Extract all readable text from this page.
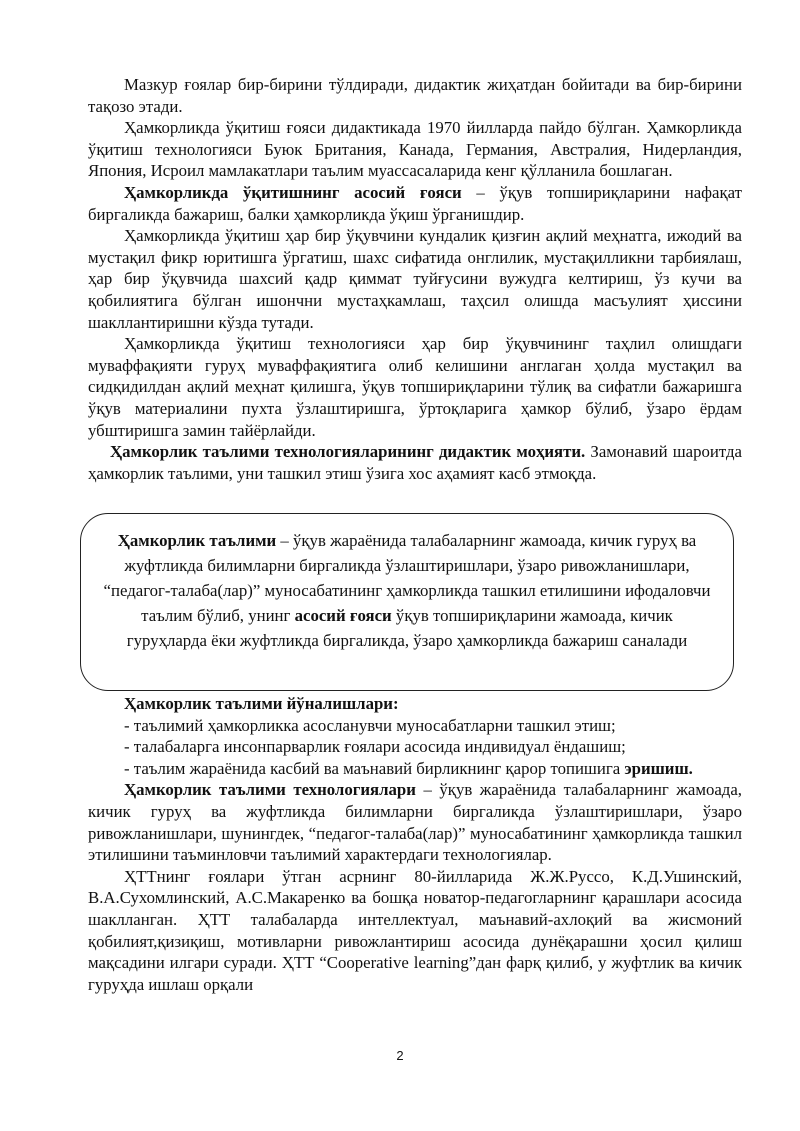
Мазкур ғоялар бир-бирини тўлдиради, дидактик жиҳатдан бойитади ва бир-бирини тақозо этади.

Ҳамкорликда ўқитиш ғояси дидактикада 1970 йилларда пайдо бўлган. Ҳамкорликда ўқитиш технологияси Буюк Британия, Канада, Германия, Австралия, Нидерландия, Япония, Исроил мамлакатлари таълим муассасаларида кенг қўлланила бошлаган.

Ҳамкорликда ўқитишнинг асосий ғояси – ўқув топшириқларини нафақат биргаликда бажариш, балки ҳамкорликда ўқиш ўрганишдир.

Ҳамкорликда ўқитиш ҳар бир ўқувчини кундалик қизғин ақлий меҳнатга, ижодий ва мустақил фикр юритишга ўргатиш, шахс сифатида онглилик, мустақилликни тарбиялаш, ҳар бир ўқувчида шахсий қадр қиммат туйғусини вужудга келтириш, ўз кучи ва қобилиятига бўлган ишончни мустаҳкамлаш, таҳсил олишда масъулият ҳиссини шакллантиришни кўзда тутади.

Ҳамкорликда ўқитиш технологияси ҳар бир ўқувчининг таҳлил олишдаги муваффақияти гуруҳ муваффақиятига олиб келишини англаган ҳолда мустақил ва сидқидилдан ақлий меҳнат қилишга, ўқув топшириқларини тўлиқ ва сифатли бажаришга ўқув материалини пухта ўзлаштиришга, ўртоқларига ҳамкор бўлиб, ўзаро ёрдам убштиришга замин тайёрлайди.

Ҳамкорлик таълими технологияларининг дидактик моҳияти. Замонавий шароитда ҳамкорлик таълими, уни ташкил этиш ўзига хос аҳамият касб этмоқда.

Ҳамкорлик таълими – ўқув жараёнида талабаларнинг жамоада, кичик гуруҳ ва жуфтликда билимларни биргаликда ўзлаштиришлари, ўзаро ривожланишлари, “педагог-талаба(лар)” муносабатининг ҳамкорликда ташкил етилишини ифодаловчи таълим бўлиб, унинг асосий ғояси ўқув топшириқларини жамоада, кичик гуруҳларда ёки жуфтликда биргаликда, ўзаро ҳамкорликда бажариш саналади

Ҳамкорлик таълими йўналишлари:

- таълимий ҳамкорликка асосланувчи муносабатларни ташкил этиш;

- талабаларга инсонпарварлик ғоялари асосида индивидуал ёндашиш;

- таълим жараёнида касбий ва маънавий бирликнинг қарор топишига эришиш.

Ҳамкорлик таълими технологиялари – ўқув жараёнида талабаларнинг жамоада, кичик гуруҳ ва жуфтликда билимларни биргаликда ўзлаштиришлари, ўзаро ривожланишлари, шунингдек, “педагог-талаба(лар)” муносабатининг ҳамкорликда ташкил этилишини таъминловчи таълимий характердаги технологиялар.

ҲТТнинг ғоялари ўтган асрнинг 80-йилларида Ж.Ж.Руссо, К.Д.Ушинский, В.А.Сухомлинский, А.С.Макаренко ва бошқа новатор-педагогларнинг қарашлари асосида шаклланган. ҲТТ талабаларда интеллектуал, маънавий-ахлоқий ва жисмоний қобилият,қизиқиш, мотивларни ривожлантириш асосида дунёқарашни ҳосил қилиш мақсадини илгари суради. ҲТТ “Cooperative learning”дан фарқ қилиб, у жуфтлик ва кичик гуруҳда ишлаш орқали

2
